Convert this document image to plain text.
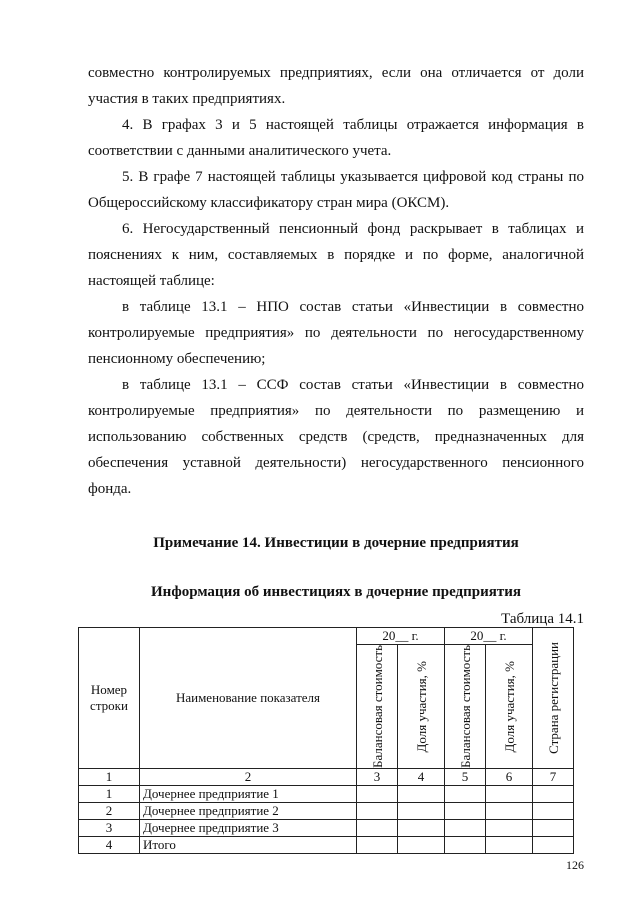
совместно контролируемых предприятиях, если она отличается от доли участия в таких предприятиях.

4. В графах 3 и 5 настоящей таблицы отражается информация в соответствии с данными аналитического учета.

5. В графе 7 настоящей таблицы указывается цифровой код страны по Общероссийскому классификатору стран мира (ОКСМ).

6. Негосударственный пенсионный фонд раскрывает в таблицах и пояснениях к ним, составляемых в порядке и по форме, аналогичной настоящей таблице:

в таблице 13.1 – НПО состав статьи «Инвестиции в совместно контролируемые предприятия» по деятельности по негосударственному пенсионному обеспечению;

в таблице 13.1 – ССФ состав статьи «Инвестиции в совместно контролируемые предприятия» по деятельности по размещению и использованию собственных средств (средств, предназначенных для обеспечения уставной деятельности) негосударственного пенсионного фонда.

Примечание 14. Инвестиции в дочерние предприятия

Информация об инвестициях в дочерние предприятия

Таблица 14.1
Номер строки	Наименование показателя	20__ г.		20__ г.		Страна регистрации

		Балансовая стоимость	Доля участия, %	Балансовая стоимость	Доля участия, %	

1	2	3	4	5	6	7
1	Дочернее предприятие 1					
2	Дочернее предприятие 2					
3	Дочернее предприятие 3					
4	Итого					
126
